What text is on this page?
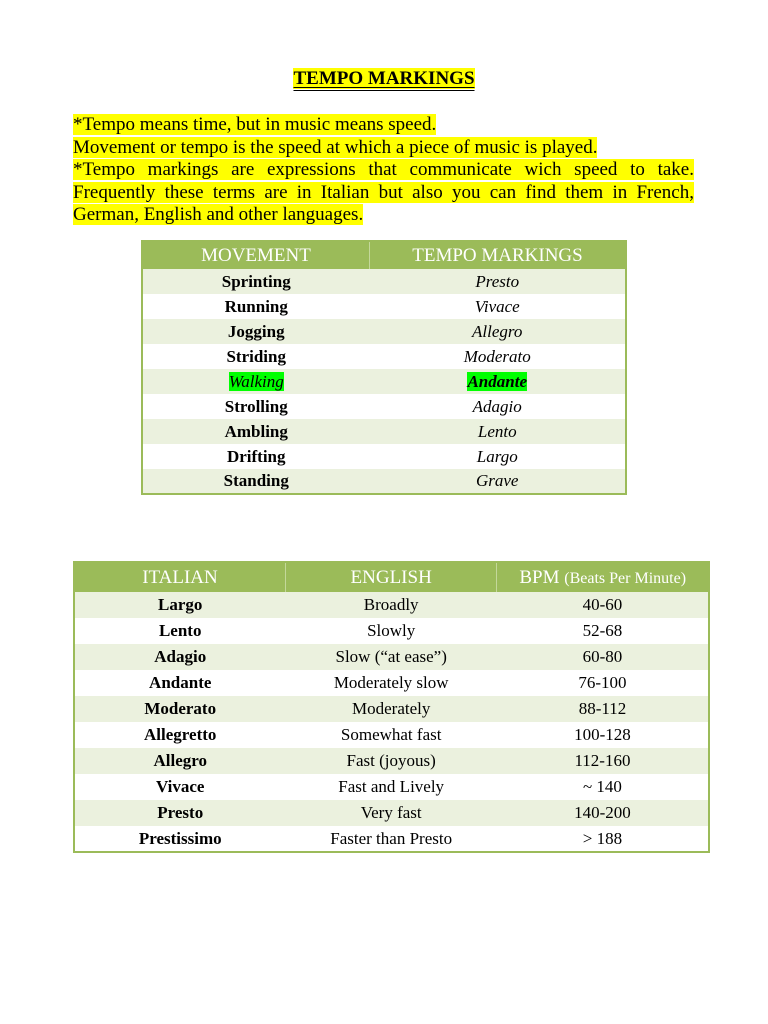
TEMPO MARKINGS
*Tempo means time, but in music means speed.
Movement or tempo is the speed at which a piece of music is played.
*Tempo markings are expressions that communicate wich speed to take.
Frequently these terms are in Italian but also you can find them in French,
German, English and other languages.
MOVEMENT	TEMPO MARKINGS
Sprinting	Presto
Running	Vivace
Jogging	Allegro
Striding	Moderato
Walking	Andante
Strolling	Adagio
Ambling	Lento
Drifting	Largo
Standing	Grave
ITALIAN	ENGLISH	BPM (Beats Per Minute)
Largo	Broadly	40-60
Lento	Slowly	52-68
Adagio	Slow (“at ease”)	60-80
Andante	Moderately slow	76-100
Moderato	Moderately	88-112
Allegretto	Somewhat fast	100-128
Allegro	Fast (joyous)	112-160
Vivace	Fast and Lively	~ 140
Presto	Very fast	140-200
Prestissimo	Faster than Presto	> 188
